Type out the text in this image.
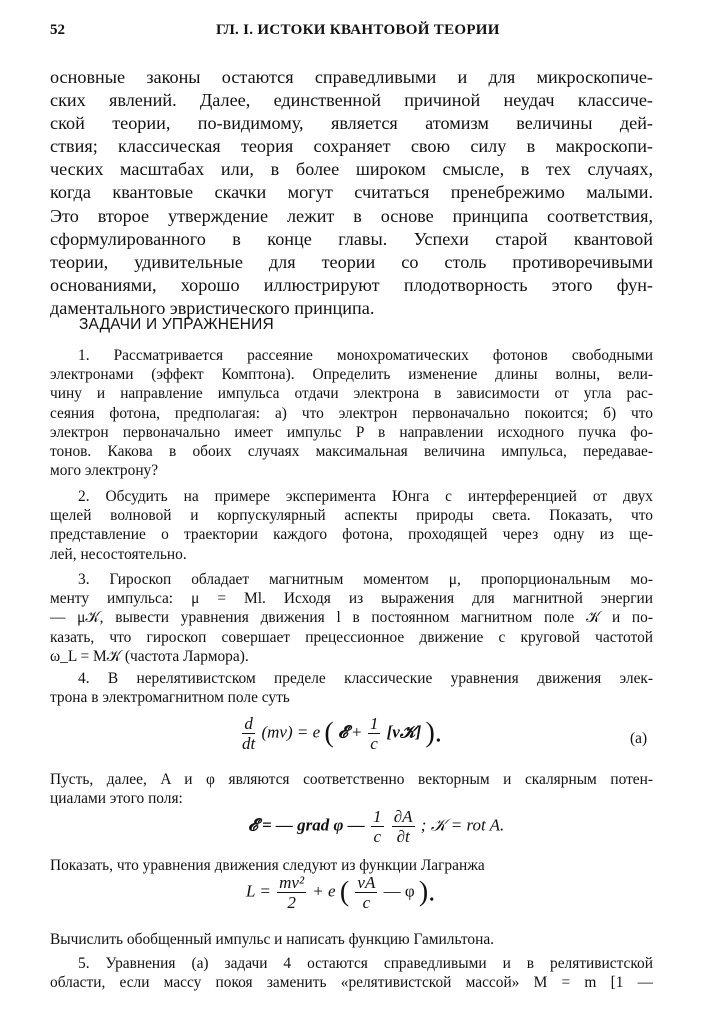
52	ГЛ. I. ИСТОКИ КВАНТОВОЙ ТЕОРИИ
основные законы остаются справедливыми и для микроскопиче-
ских явлений. Далее, единственной причиной неудач классиче-
ской теории, по-видимому, является атомизм величины дей-
ствия; классическая теория сохраняет свою силу в макроскопи-
ческих масштабах или, в более широком смысле, в тех случаях,
когда квантовые скачки могут считаться пренебрежимо малыми.
Это второе утверждение лежит в основе принципа соответствия,
сформулированного в конце главы. Успехи старой квантовой
теории, удивительные для теории со столь противоречивыми
основаниями, хорошо иллюстрируют плодотворность этого фун-
даментального эвристического принципа.
ЗАДАЧИ И УПРАЖНЕНИЯ
1. Рассматривается рассеяние монохроматических фотонов свободными
электронами (эффект Комптона). Определить изменение длины волны, вели-
чину и направление импульса отдачи электрона в зависимости от угла рас-
сеяния фотона, предполагая: а) что электрон первоначально покоится; б) что
электрон первоначально имеет импульс P в направлении исходного пучка фо-
тонов. Какова в обоих случаях максимальная величина импульса, передавае-
мого электрону?
2. Обсудить на примере эксперимента Юнга с интерференцией от двух
щелей волновой и корпускулярный аспекты природы света. Показать, что
представление о траектории каждого фотона, проходящей через одну из ще-
лей, несостоятельно.
3. Гироскоп обладает магнитным моментом μ, пропорциональным мо-
менту импульса: μ = Ml. Исходя из выражения для магнитной энергии
— μ𝒦, вывести уравнения движения l в постоянном магнитном поле 𝒦 и по-
казать, что гироскоп совершает прецессионное движение с круговой частотой
ω_L = M𝒦 (частота Лармора).
4. В нерелятивистском пределе классические уравнения движения элек-
трона в электромагнитном поле суть
$\frac{d}{dt} (mv) = e$ ( 𝓔 + $\frac{1}{c}$ [v𝒦] ).	(а)
Пусть, далее, A и φ являются соответственно векторным и скалярным потен-
циалами этого поля:
𝓔 = — grad φ — $\frac{1}{c}$
$\frac{\partial A}{\partial t}$ ; 𝒦 = rot A.
Показать, что уравнения движения следуют из функции Лагранжа
$L = \frac{\text{mv²}}{2} + e$ ( $\frac{vA}{c}$ — φ ).
Вычислить обобщенный импульс и написать функцию Гамильтона.
5. Уравнения (а) задачи 4 остаются справедливыми и в релятивистской
области, если массу покоя заменить «релятивистской массой» M = m [1 —
